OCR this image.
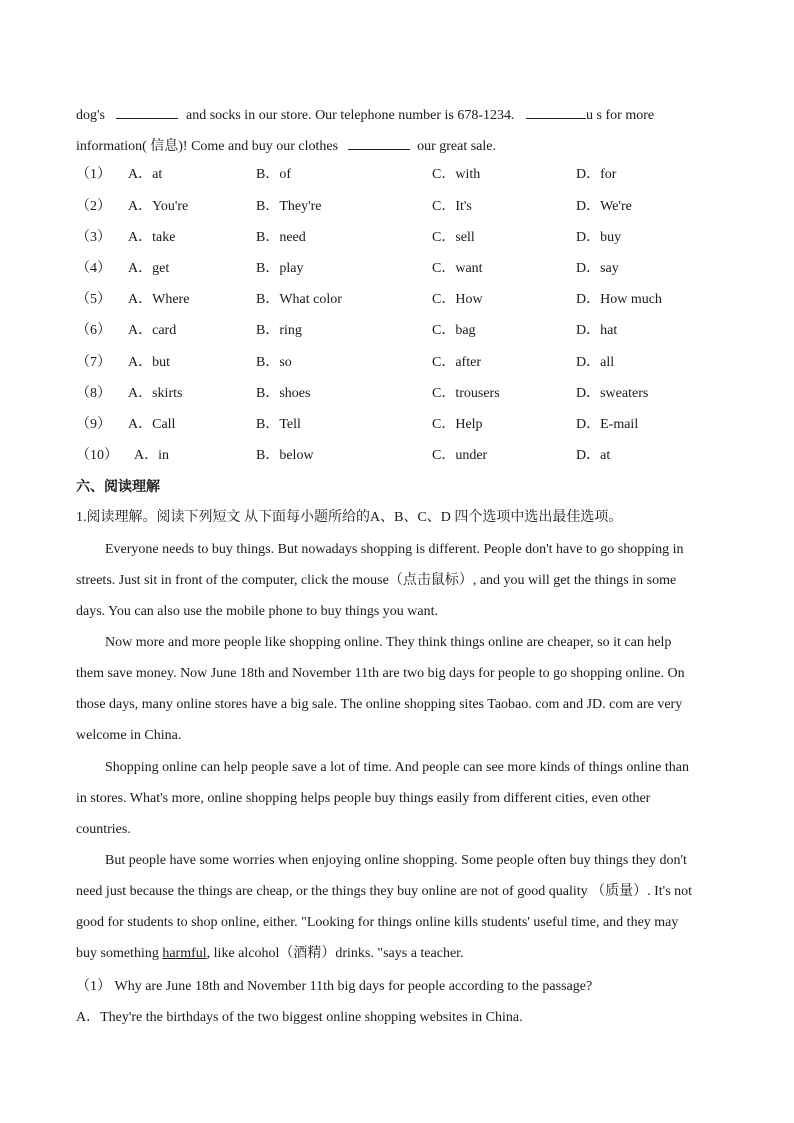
dog's	and socks in our store. Our telephone number is 678-1234.	u s for more
information( 信息)! Come and buy our clothes	our great sale.
（1） A．at	B．of	C．with	D．for
（2） A．You're	B．They're	C．It's	D．We're
（3） A．take	B．need	C．sell	D．buy
（4） A．get	B．play	C．want	D．say
（5） A．Where	B．What color	C．How	D．How much
（6） A．card	B．ring	C．bag	D．hat
（7） A．but	B．so	C．after	D．all
（8） A．skirts	B．shoes	C．trousers	D．sweaters
（9） A．Call	B．Tell	C．Help	D．E-mail
（10） A．in	B．below	C．under	D．at
六、阅读理解
1.阅读理解。阅读下列短文 从下面每小题所给的A、B、C、D 四个选项中选出最佳选项。
Everyone needs to buy things. But nowadays shopping is different. People don't have to go shopping in
streets. Just sit in front of the computer, click the mouse（点击鼠标）, and you will get the things in some
days. You can also use the mobile phone to buy things you want.
Now more and more people like shopping online. They think things online are cheaper, so it can help
them save money. Now June 18th and November 11th are two big days for people to go shopping online. On
those days, many online stores have a big sale. The online shopping sites Taobao. com and JD. com are very
welcome in China.
Shopping online can help people save a lot of time. And people can see more kinds of things online than
in stores. What's more, online shopping helps people buy things easily from different cities, even other
countries.
But people have some worries when enjoying online shopping. Some people often buy things they don't
need just because the things are cheap, or the things they buy online are not of good quality （质量）. It's not
good for students to shop online, either. "Looking for things online kills students' useful time, and they may
buy something harmful, like alcohol（酒精）drinks. "says a teacher.
（1） Why are June 18th and November 11th big days for people according to the passage?
A．They're the birthdays of the two biggest online shopping websites in China.
